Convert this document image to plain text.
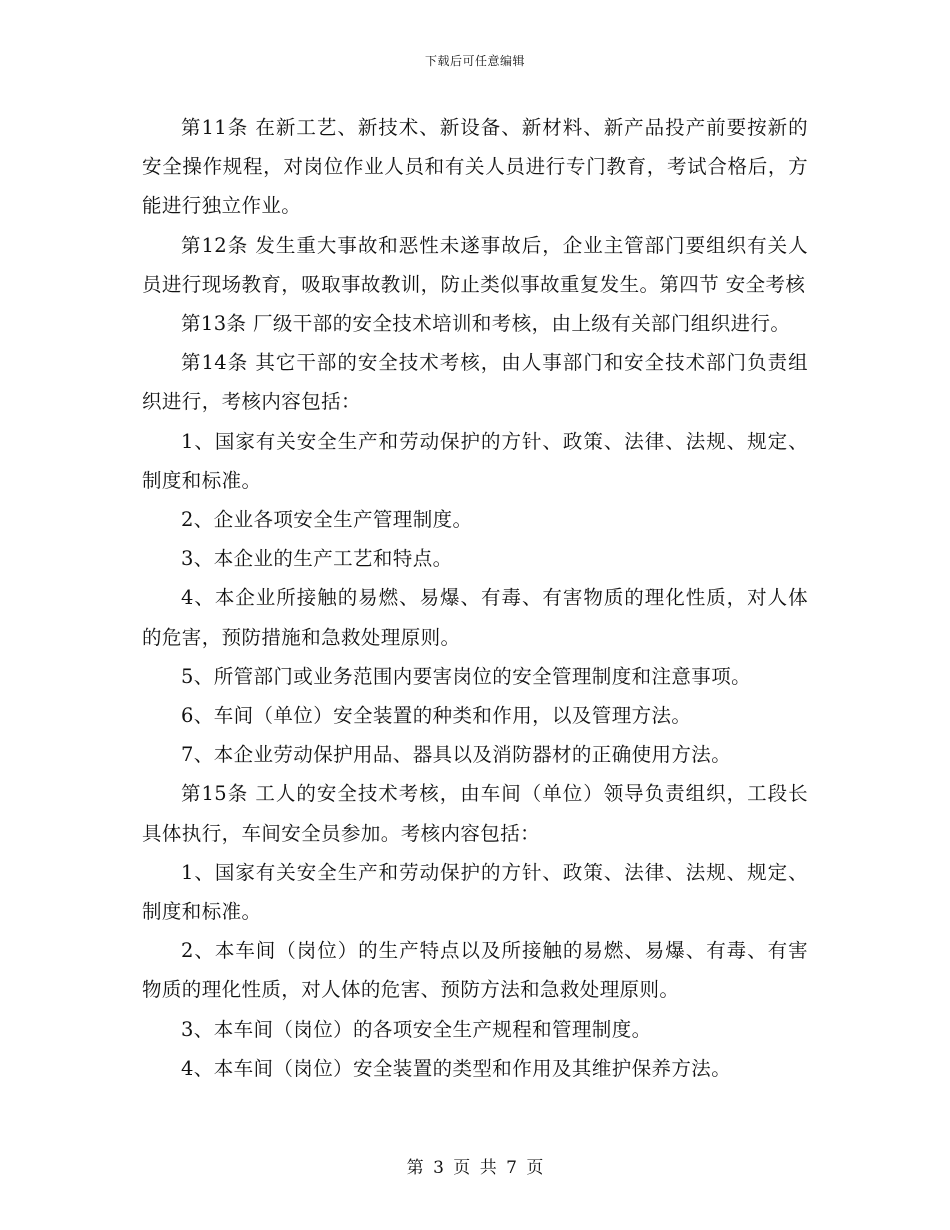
下载后可任意编辑

第11条 在新工艺、新技术、新设备、新材料、新产品投产前要按新的安全操作规程，对岗位作业人员和有关人员进行专门教育，考试合格后，方能进行独立作业。

第12条 发生重大事故和恶性未遂事故后，企业主管部门要组织有关人员进行现场教育，吸取事故教训，防止类似事故重复发生。第四节 安全考核

第13条 厂级干部的安全技术培训和考核，由上级有关部门组织进行。

第14条 其它干部的安全技术考核，由人事部门和安全技术部门负责组织进行，考核内容包括：

1、国家有关安全生产和劳动保护的方针、政策、法律、法规、规定、制度和标准。

2、企业各项安全生产管理制度。

3、本企业的生产工艺和特点。

4、本企业所接触的易燃、易爆、有毒、有害物质的理化性质，对人体的危害，预防措施和急救处理原则。

5、所管部门或业务范围内要害岗位的安全管理制度和注意事项。

6、车间（单位）安全装置的种类和作用，以及管理方法。

7、本企业劳动保护用品、器具以及消防器材的正确使用方法。

第15条 工人的安全技术考核，由车间（单位）领导负责组织，工段长具体执行，车间安全员参加。考核内容包括：

1、国家有关安全生产和劳动保护的方针、政策、法律、法规、规定、制度和标准。

2、本车间（岗位）的生产特点以及所接触的易燃、易爆、有毒、有害物质的理化性质，对人体的危害、预防方法和急救处理原则。

3、本车间（岗位）的各项安全生产规程和管理制度。

4、本车间（岗位）安全装置的类型和作用及其维护保养方法。

第 3 页 共 7 页
